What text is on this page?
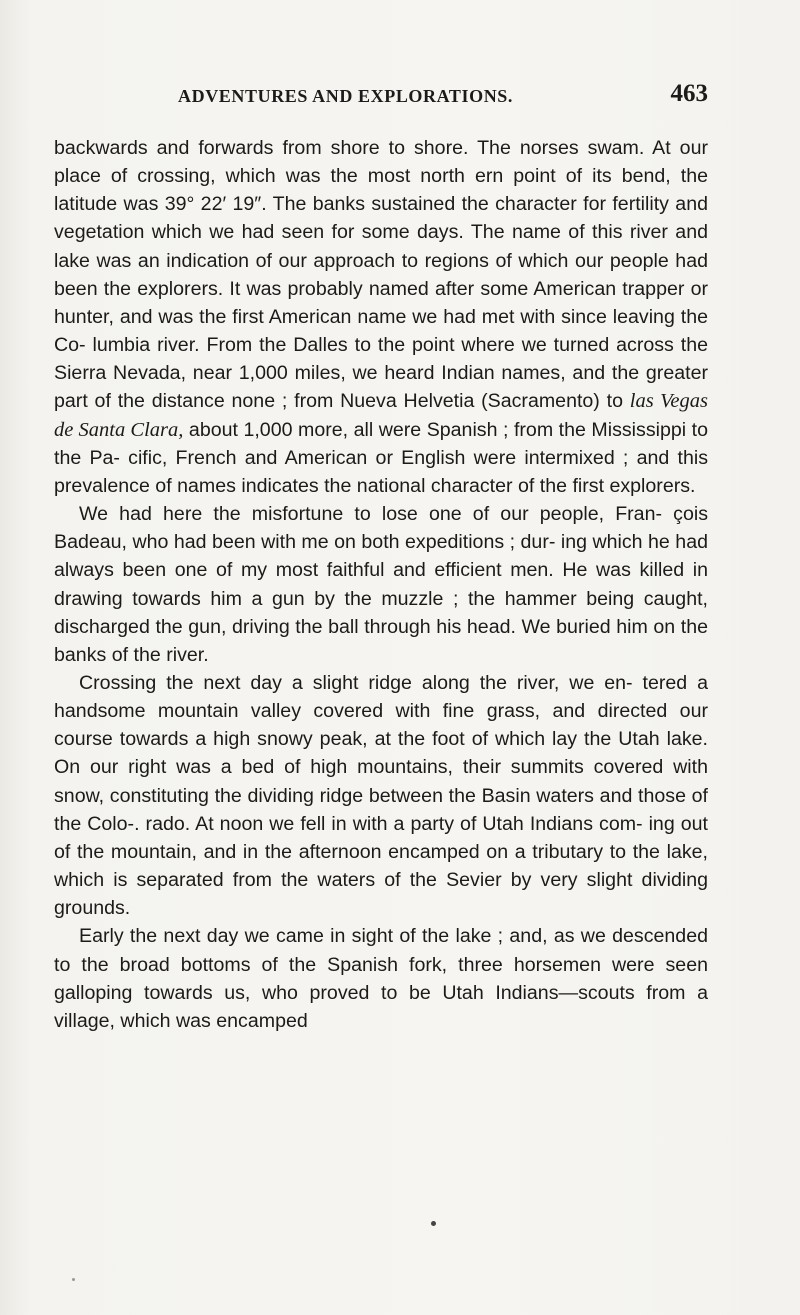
ADVENTURES AND EXPLORATIONS.	463

backwards and forwards from shore to shore. The norses swam. At our place of crossing, which was the most north ern point of its bend, the latitude was 39° 22′ 19″. The banks sustained the character for fertility and vegetation which we had seen for some days. The name of this river and lake was an indication of our approach to regions of which our people had been the explorers. It was probably named after some American trapper or hunter, and was the first American name we had met with since leaving the Co- lumbia river. From the Dalles to the point where we turned across the Sierra Nevada, near 1,000 miles, we heard Indian names, and the greater part of the distance none ; from Nueva Helvetia (Sacramento) to las Vegas de Santa Clara, about 1,000 more, all were Spanish ; from the Mississippi to the Pa- cific, French and American or English were intermixed ; and this prevalence of names indicates the national character of the first explorers.

We had here the misfortune to lose one of our people, Fran- çois Badeau, who had been with me on both expeditions ; dur- ing which he had always been one of my most faithful and efficient men. He was killed in drawing towards him a gun by the muzzle ; the hammer being caught, discharged the gun, driving the ball through his head. We buried him on the banks of the river.

Crossing the next day a slight ridge along the river, we en- tered a handsome mountain valley covered with fine grass, and directed our course towards a high snowy peak, at the foot of which lay the Utah lake. On our right was a bed of high mountains, their summits covered with snow, constituting the dividing ridge between the Basin waters and those of the Colo-. rado. At noon we fell in with a party of Utah Indians com- ing out of the mountain, and in the afternoon encamped on a tributary to the lake, which is separated from the waters of the Sevier by very slight dividing grounds.

Early the next day we came in sight of the lake ; and, as we descended to the broad bottoms of the Spanish fork, three horsemen were seen galloping towards us, who proved to be Utah Indians—scouts from a village, which was encamped
